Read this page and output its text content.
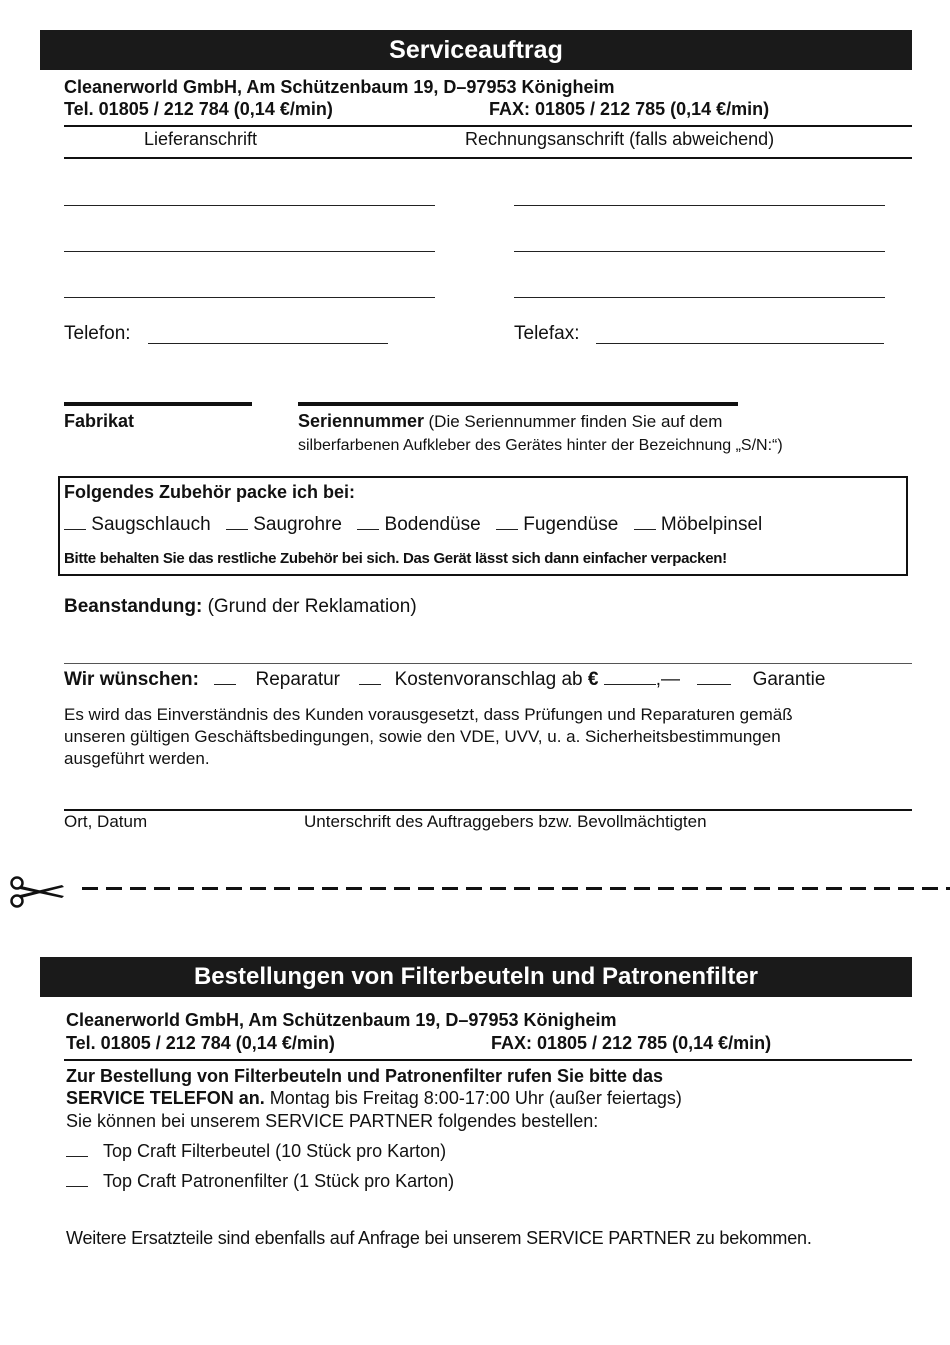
Serviceauftrag
Cleanerworld GmbH, Am Schützenbaum 19, D–97953 Königheim
Tel. 01805 / 212 784 (0,14 €/min)	FAX: 01805 / 212 785 (0,14 €/min)
Lieferanschrift	Rechnungsanschrift (falls abweichend)
Telefon:	Telefax:
Fabrikat	Seriennummer (Die Seriennummer finden Sie auf dem
silberfarbenen Aufkleber des Gerätes hinter der Bezeichnung „S/N:“)
Folgendes Zubehör packe ich bei:
Saugschlauch Saugrohre Bodendüse Fugendüse Möbelpinsel
Bitte behalten Sie das restliche Zubehör bei sich. Das Gerät lässt sich dann einfacher verpacken!
Beanstandung: (Grund der Reklamation)
Wir wünschen:	Reparatur	Kostenvoranschlag ab €	,—	Garantie
Es wird das Einverständnis des Kunden vorausgesetzt, dass Prüfungen und Reparaturen gemäß
unseren gültigen Geschäftsbedingungen, sowie den VDE, UVV, u. a. Sicherheitsbestimmungen
ausgeführt werden.
Ort, Datum	Unterschrift des Auftraggebers bzw. Bevollmächtigten
Bestellungen von Filterbeuteln und Patronenfilter
Cleanerworld GmbH, Am Schützenbaum 19, D–97953 Königheim
Tel. 01805 / 212 784 (0,14 €/min)	FAX: 01805 / 212 785 (0,14 €/min)
Zur Bestellung von Filterbeuteln und Patronenfilter rufen Sie bitte das
SERVICE TELEFON an. Montag bis Freitag 8:00-17:00 Uhr (außer feiertags)
Sie können bei unserem SERVICE PARTNER folgendes bestellen:
Top Craft Filterbeutel (10 Stück pro Karton)
Top Craft Patronenfilter (1 Stück pro Karton)
Weitere Ersatzteile sind ebenfalls auf Anfrage bei unserem SERVICE PARTNER zu bekommen.
